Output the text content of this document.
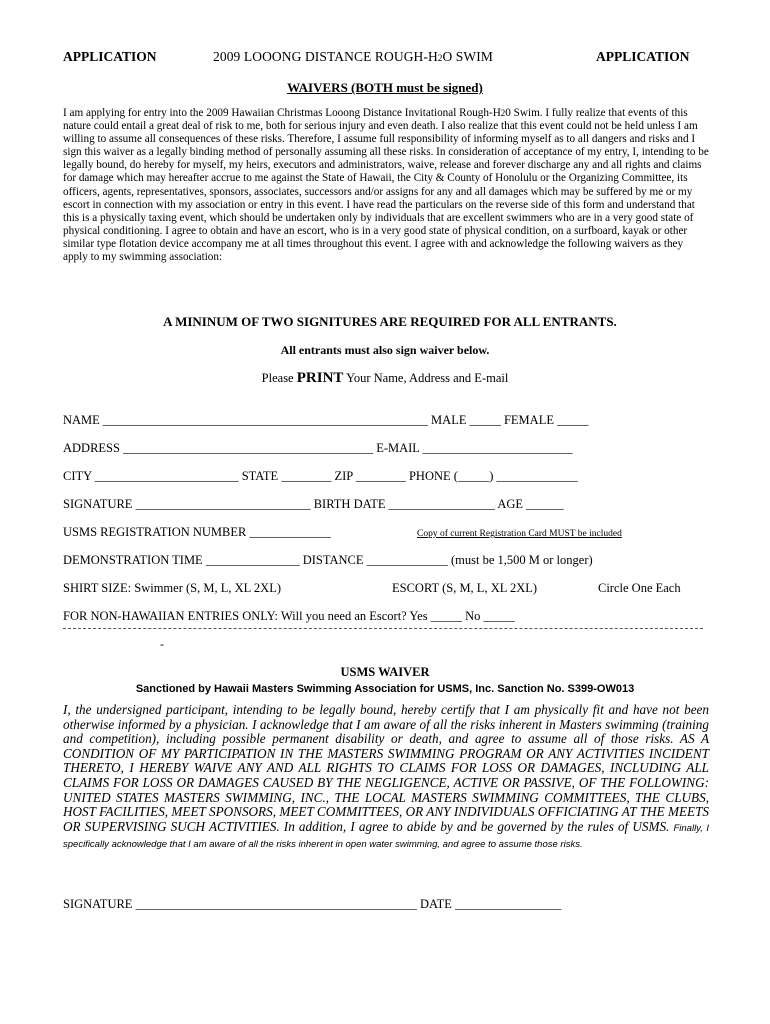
APPLICATION	2009 LOOONG DISTANCE ROUGH-H2O SWIM	APPLICATION
WAIVERS (BOTH must be signed)
I am applying for entry into the 2009 Hawaiian Christmas Looong Distance Invitational Rough-H20 Swim. I fully realize that events of this nature could entail a great deal of risk to me, both for serious injury and even death. I also realize that this event could not be held unless I am willing to assume all consequences of these risks. Therefore, I assume full responsibility of informing myself as to all dangers and risks and I sign this waiver as a legally binding method of personally assuming all these risks. In consideration of acceptance of my entry, I, intending to be legally bound, do hereby for myself, my heirs, executors and administrators, waive, release and forever discharge any and all rights and claims for damage which may hereafter accrue to me against the State of Hawaii, the City & County of Honolulu or the Organizing Committee, its officers, agents, representatives, sponsors, associates, successors and/or assigns for any and all damages which may be suffered by me or my escort in connection with my association or entry in this event. I have read the particulars on the reverse side of this form and understand that this is a physically taxing event, which should be undertaken only by individuals that are excellent swimmers who are in a very good state of physical conditioning. I agree to obtain and have an escort, who is in a very good state of physical condition, on a surfboard, kayak or other similar type flotation device accompany me at all times throughout this event. I agree with and acknowledge the following waivers as they apply to my swimming association:
A MININUM OF TWO SIGNITURES ARE REQUIRED FOR ALL ENTRANTS.
All entrants must also sign waiver below.
Please PRINT Your Name, Address and E-mail
NAME ____________________________________________________ MALE _____ FEMALE _____
ADDRESS ________________________________________ E-MAIL ________________________
CITY _______________________ STATE ________ ZIP ________ PHONE (_____) _____________
SIGNATURE ____________________________ BIRTH DATE _________________ AGE ______
USMS REGISTRATION NUMBER _____________	Copy of current Registration Card MUST be included
DEMONSTRATION TIME _______________ DISTANCE _____________ (must be 1,500 M or longer)
SHIRT SIZE: Swimmer (S, M, L, XL 2XL)	ESCORT (S, M, L, XL 2XL)	Circle One Each
FOR NON-HAWAIIAN ENTRIES ONLY: Will you need an Escort? Yes _____ No _____
-
USMS WAIVER
Sanctioned by Hawaii Masters Swimming Association for USMS, Inc. Sanction No. S399-OW013
I, the undersigned participant, intending to be legally bound, hereby certify that I am physically fit and have not been otherwise informed by a physician. I acknowledge that I am aware of all the risks inherent in Masters swimming (training and competition), including possible permanent disability or death, and agree to assume all of those risks. AS A CONDITION OF MY PARTICIPATION IN THE MASTERS SWIMMING PROGRAM OR ANY ACTIVITIES INCIDENT THERETO, I HEREBY WAIVE ANY AND ALL RIGHTS TO CLAIMS FOR LOSS OR DAMAGES, INCLUDING ALL CLAIMS FOR LOSS OR DAMAGES CAUSED BY THE NEGLIGENCE, ACTIVE OR PASSIVE, OF THE FOLLOWING: UNITED STATES MASTERS SWIMMING, INC., THE LOCAL MASTERS SWIMMING COMMITTEES, THE CLUBS, HOST FACILITIES, MEET SPONSORS, MEET COMMITTEES, OR ANY INDIVIDUALS OFFICIATING AT THE MEETS OR SUPERVISING SUCH ACTIVITIES. In addition, I agree to abide by and be governed by the rules of USMS. Finally, I specifically acknowledge that I am aware of all the risks inherent in open water swimming, and agree to assume those risks.
SIGNATURE _____________________________________________ DATE _________________
